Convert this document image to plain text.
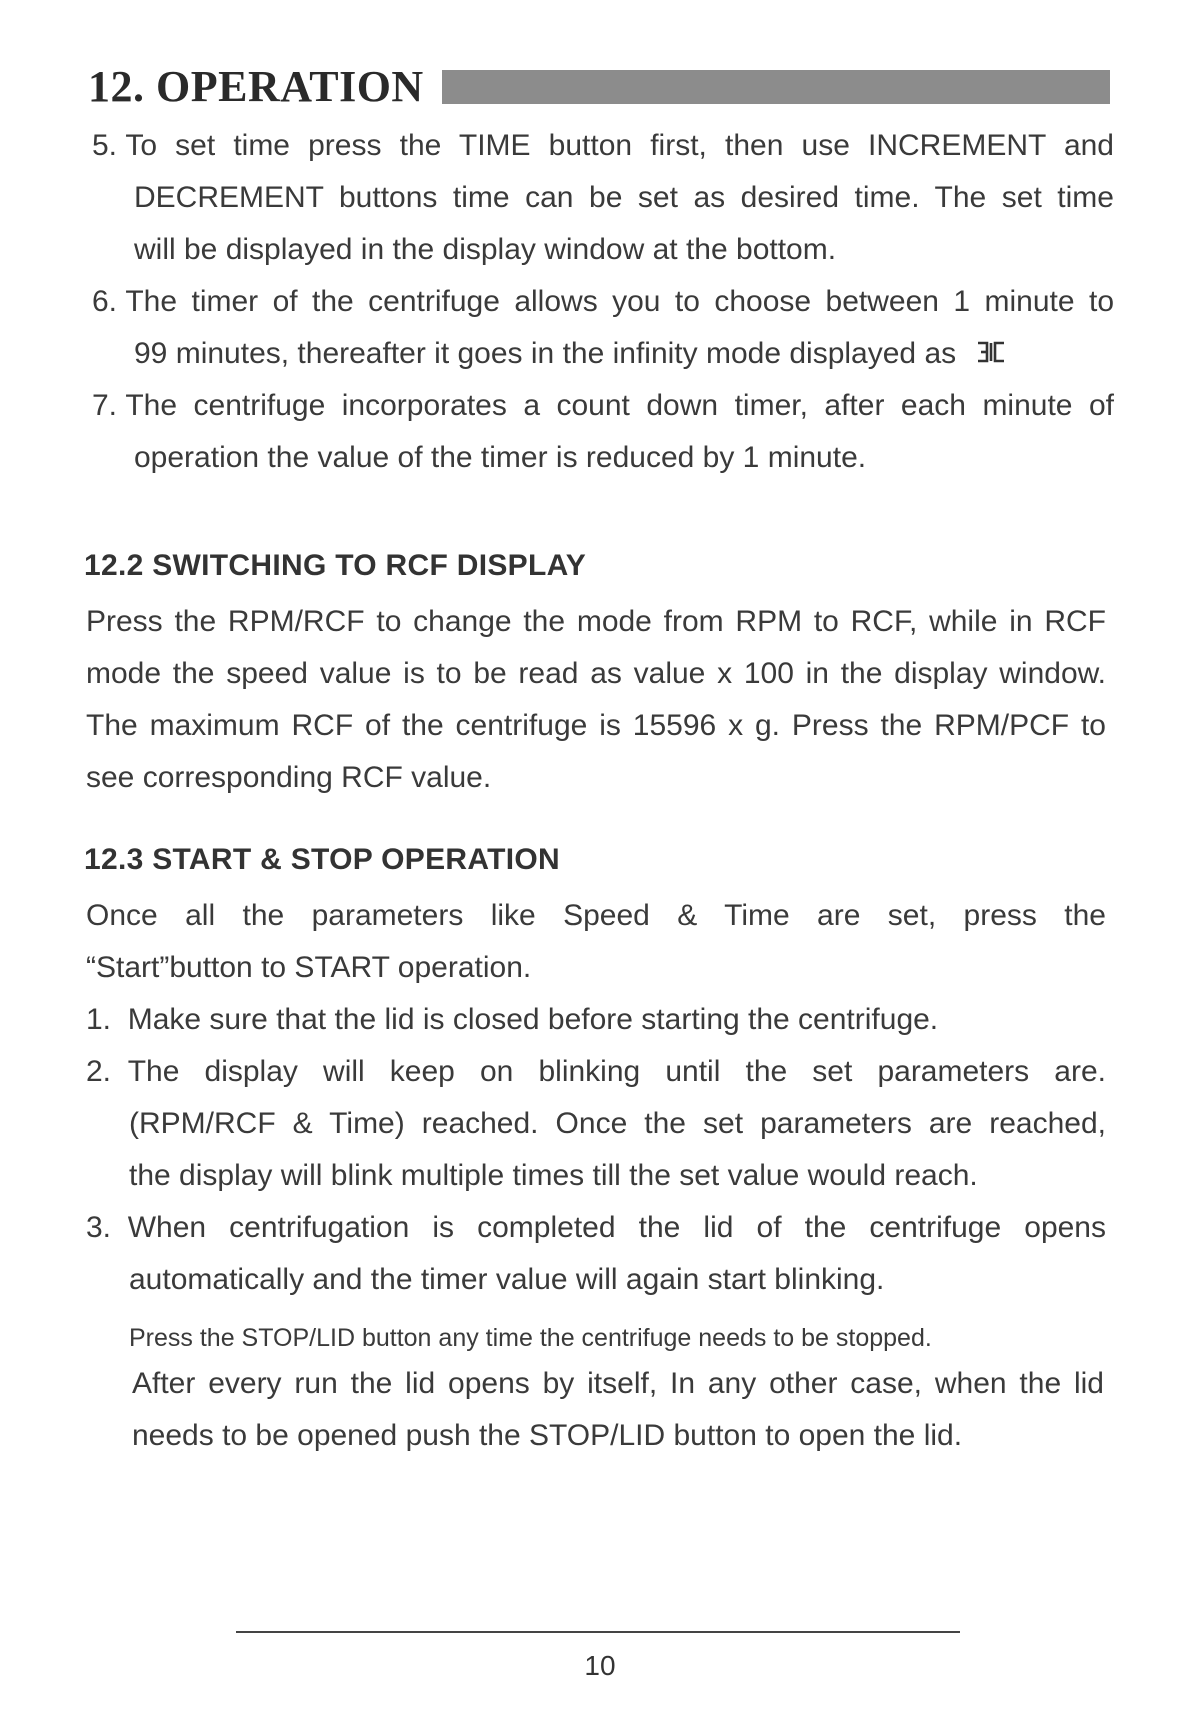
12. OPERATION
5. To set time press the TIME button first, then use INCREMENT and
DECREMENT buttons time can be set as desired time. The set time
will be displayed in the display window at the bottom.
6. The timer of the centrifuge allows you to choose between 1 minute to
99 minutes, thereafter it goes in the infinity mode displayed as
7. The centrifuge incorporates a count down timer, after each minute of
operation the value of the timer is reduced by 1 minute.
12.2 SWITCHING TO RCF DISPLAY
Press the RPM/RCF to change the mode from RPM to RCF, while in RCF
mode the speed value is to be read as value x 100 in the display window.
The maximum RCF of the centrifuge is 15596 x g. Press the RPM/PCF to
see corresponding RCF value.
12.3 START & STOP OPERATION
Once all the parameters like Speed & Time are set, press the
“Start”button to START operation.
1. Make sure that the lid is closed before starting the centrifuge.
2. The display will keep on blinking until the set parameters are.
(RPM/RCF & Time) reached. Once the set parameters are reached,
the display will blink multiple times till the set value would reach.
3. When centrifugation is completed the lid of the centrifuge opens
automatically and the timer value will again start blinking.
Press the STOP/LID button any time the centrifuge needs to be stopped.
After every run the lid opens by itself, In any other case, when the lid
needs to be opened push the STOP/LID button to open the lid.
10
